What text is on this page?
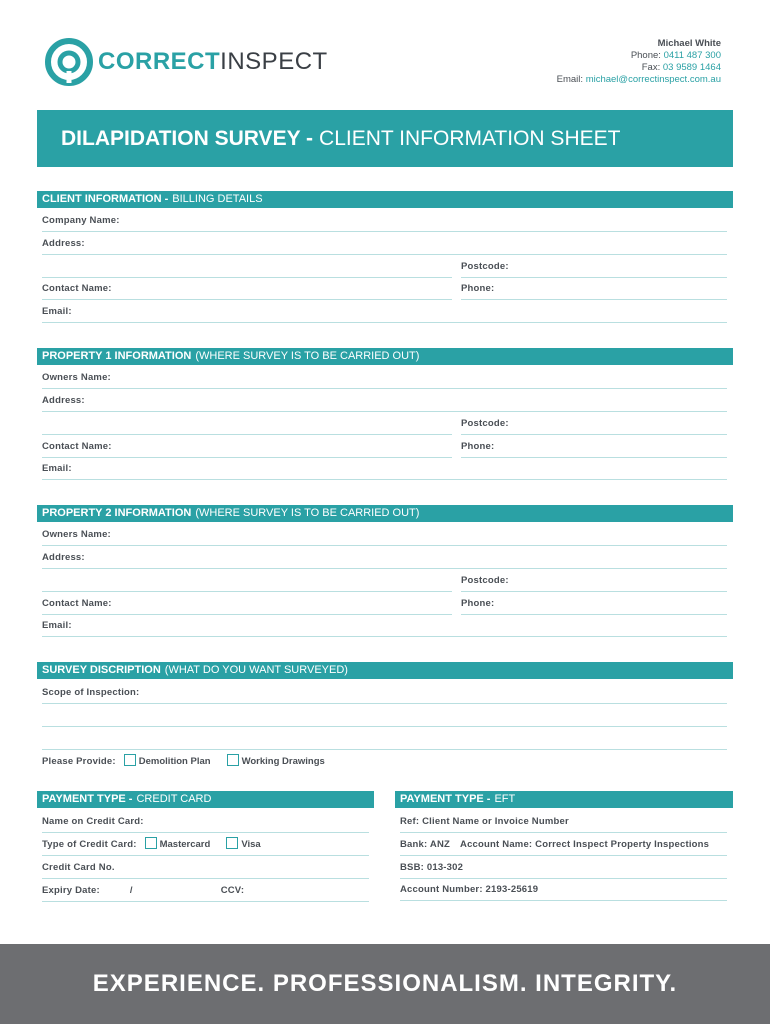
CORRECTINSPECT
Michael White
Phone: 0411 487 300
Fax: 03 9589 1464
Email: michael@correctinspect.com.au
DILAPIDATION SURVEY - CLIENT INFORMATION SHEET
CLIENT INFORMATION - BILLING DETAILS
Company Name:
Address:
Postcode:
Contact Name:	Phone:
Email:
PROPERTY 1 INFORMATION (WHERE SURVEY IS TO BE CARRIED OUT)
Owners Name:
Address:
Postcode:
Contact Name:	Phone:
Email:
PROPERTY 2 INFORMATION (WHERE SURVEY IS TO BE CARRIED OUT)
Owners Name:
Address:
Postcode:
Contact Name:	Phone:
Email:
SURVEY DISCRIPTION (WHAT DO YOU WANT SURVEYED)
Scope of Inspection:
Please Provide: Demolition Plan	Working Drawings
PAYMENT TYPE - CREDIT CARD
Name on Credit Card:
Type of Credit Card: Mastercard	Visa
Credit Card No.
Expiry Date:	/	CCV:
PAYMENT TYPE - EFT
Ref: Client Name or Invoice Number
Bank: ANZ Account Name: Correct Inspect Property Inspections
BSB: 013-302
Account Number: 2193-25619
EXPERIENCE. PROFESSIONALISM. INTEGRITY.
